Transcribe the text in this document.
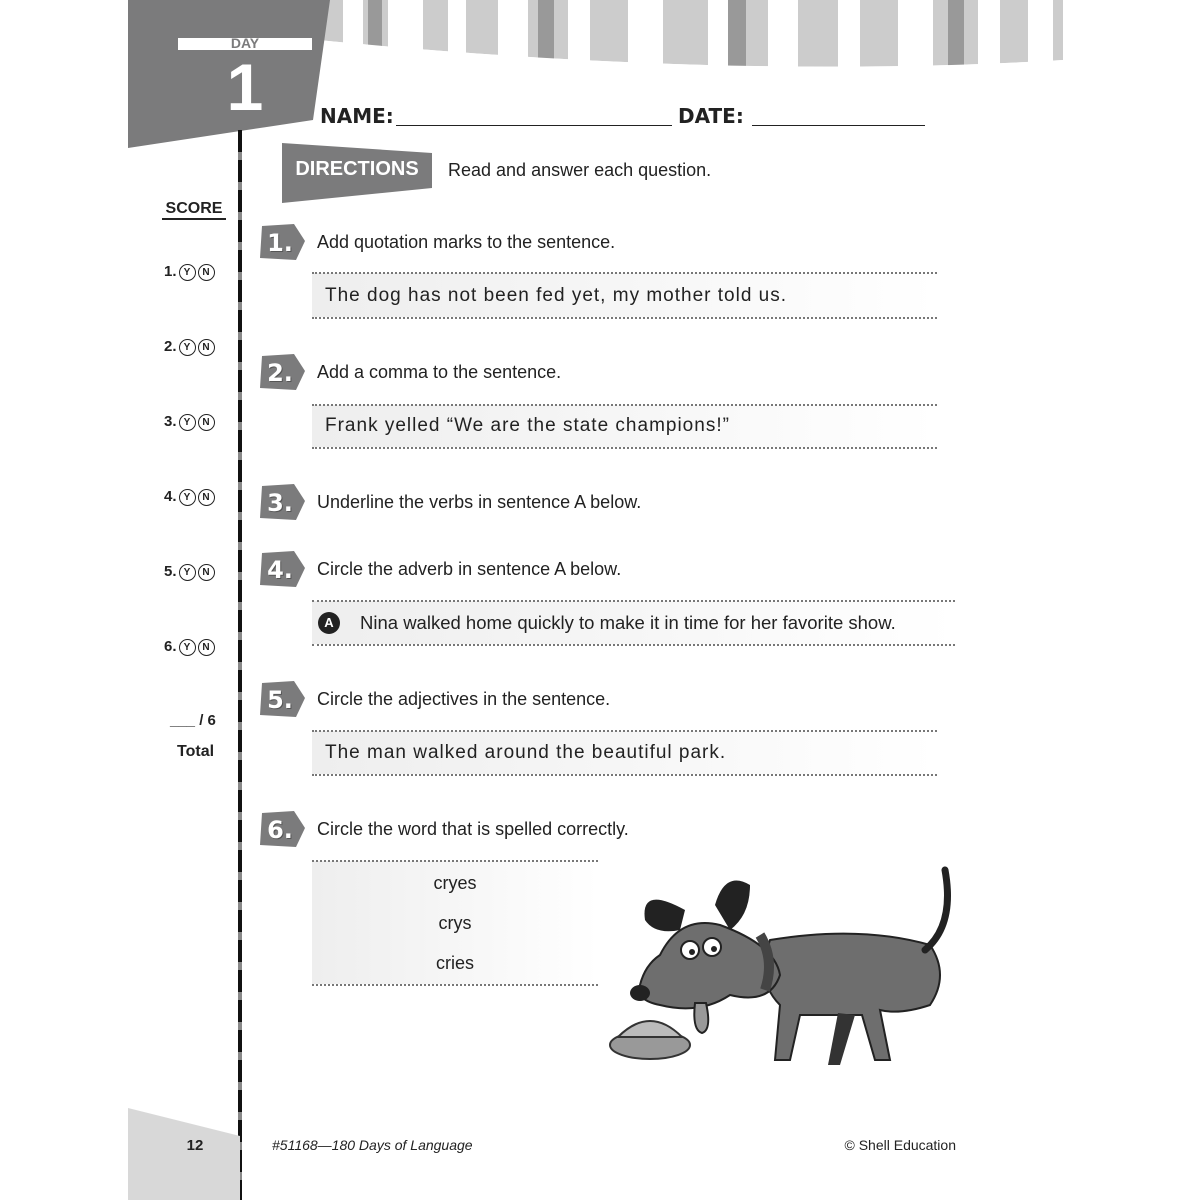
DAY
1	NAME:	DATE:
DIRECTIONS	Read and answer each question.
SCORE
1. Y N
2. Y N
3. Y N
4. Y N
5. Y N
6. Y N
___ / 6
Total
1.	Add quotation marks to the sentence.
The dog has not been fed yet, my mother told us.
2.	Add a comma to the sentence.
Frank yelled “We are the state champions!”
3.	Underline the verbs in sentence A below.
4.	Circle the adverb in sentence A below.
A	Nina walked home quickly to make it in time for her favorite show.
5.	Circle the adjectives in the sentence.
The man walked around the beautiful park.
6.	Circle the word that is spelled correctly.
cryes
crys
cries
12	#51168—180 Days of Language	© Shell Education
